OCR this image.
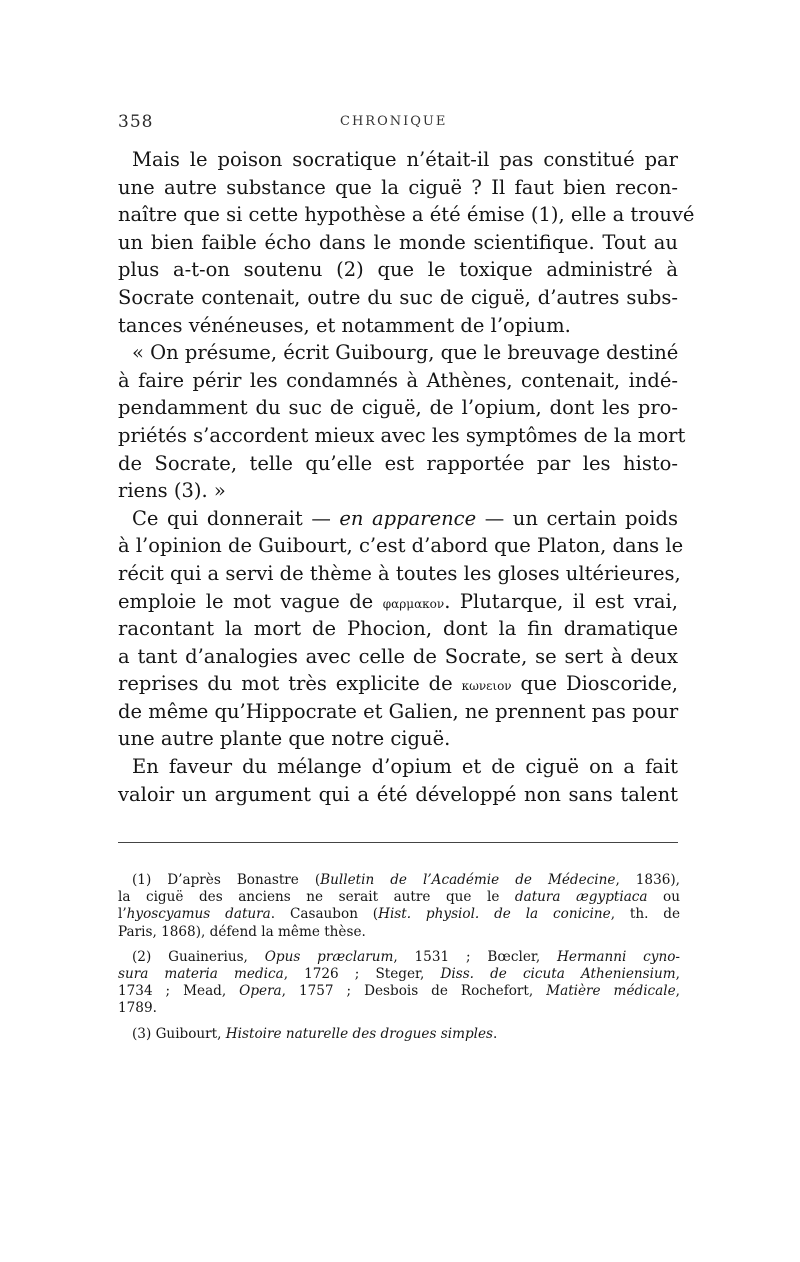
358	CHRONIQUE
Mais le poison socratique n’était-il pas constitué par
une autre substance que la ciguë ? Il faut bien recon-
naître que si cette hypothèse a été émise (1), elle a trouvé
un bien faible écho dans le monde scientifique. Tout au
plus a-t-on soutenu (2) que le toxique administré à
Socrate contenait, outre du suc de ciguë, d’autres subs-
tances vénéneuses, et notamment de l’opium.
« On présume, écrit Guibourg, que le breuvage destiné
à faire périr les condamnés à Athènes, contenait, indé-
pendamment du suc de ciguë, de l’opium, dont les pro-
priétés s’accordent mieux avec les symptômes de la mort
de Socrate, telle qu’elle est rapportée par les histo-
riens (3). »
Ce qui donnerait — en apparence — un certain poids
à l’opinion de Guibourt, c’est d’abord que Platon, dans le
récit qui a servi de thème à toutes les gloses ultérieures,
emploie le mot vague de φαρμακον. Plutarque, il est vrai,
racontant la mort de Phocion, dont la fin dramatique
a tant d’analogies avec celle de Socrate, se sert à deux
reprises du mot très explicite de κωνειον que Dioscoride,
de même qu’Hippocrate et Galien, ne prennent pas pour
une autre plante que notre ciguë.
En faveur du mélange d’opium et de ciguë on a fait
valoir un argument qui a été développé non sans talent
(1) D’après Bonastre (Bulletin de l’Académie de Médecine, 1836),
la ciguë des anciens ne serait autre que le datura ægyptiaca ou
l’hyoscyamus datura. Casaubon (Hist. physiol. de la conicine, th. de
Paris, 1868), défend la même thèse.
(2) Guainerius, Opus præclarum, 1531 ; Bœcler, Hermanni cyno-
sura materia medica, 1726 ; Steger, Diss. de cicuta Atheniensium,
1734 ; Mead, Opera, 1757 ; Desbois de Rochefort, Matière médicale,
1789.
(3) Guibourt, Histoire naturelle des drogues simples.
